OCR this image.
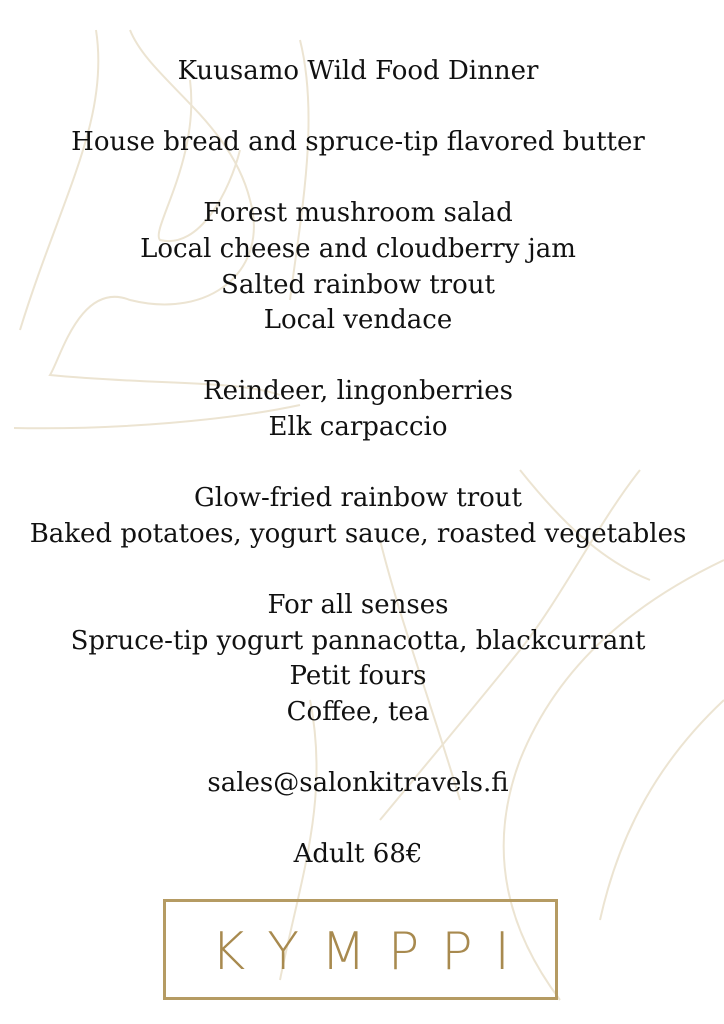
Kuusamo Wild Food Dinner
House bread and spruce-tip flavored butter
Forest mushroom salad
Local cheese and cloudberry jam
Salted rainbow trout
Local vendace
Reindeer, lingonberries
Elk carpaccio
Glow-fried rainbow trout
Baked potatoes, yogurt sauce, roasted vegetables
For all senses
Spruce-tip yogurt pannacotta, blackcurrant
Petit fours
Coffee, tea
sales@salonkitravels.fi
Adult 68€
KYMPPI
